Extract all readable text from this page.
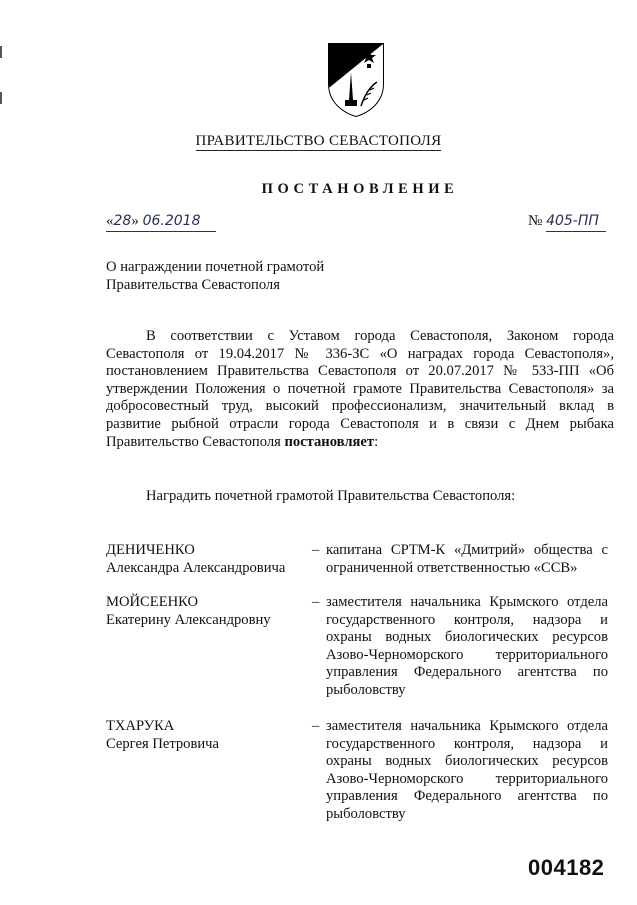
ПРАВИТЕЛЬСТВО СЕВАСТОПОЛЯ
ПОСТАНОВЛЕНИЕ
«28» 06.2018	№ 405-ПП
О награждении почетной грамотой
Правительства Севастополя
В соответствии с Уставом города Севастополя, Законом города Севастополя от 19.04.2017 № 336-ЗС «О наградах города Севастополя», постановлением Правительства Севастополя от 20.07.2017 № 533-ПП «Об утверждении Положения о почетной грамоте Правительства Севастополя» за добросовестный труд, высокий профессионализм, значительный вклад в развитие рыбной отрасли города Севастополя и в связи с Днем рыбака Правительство Севастополя постановляет:
Наградить почетной грамотой Правительства Севастополя:
ДЕНИЧЕНКО
Александра Александровича
– капитана СРТМ-К «Дмитрий» общества с ограниченной ответственностью «ССВ»
МОЙСЕЕНКО
Екатерину Александровну
– заместителя начальника Крымского отдела государственного контроля, надзора и охраны водных биологических ресурсов Азово-Черноморского территориального управления Федерального агентства по рыболовству
ТХАРУКА
Сергея Петровича
– заместителя начальника Крымского отдела государственного контроля, надзора и охраны водных биологических ресурсов Азово-Черноморского территориального управления Федерального агентства по рыболовству
004182
